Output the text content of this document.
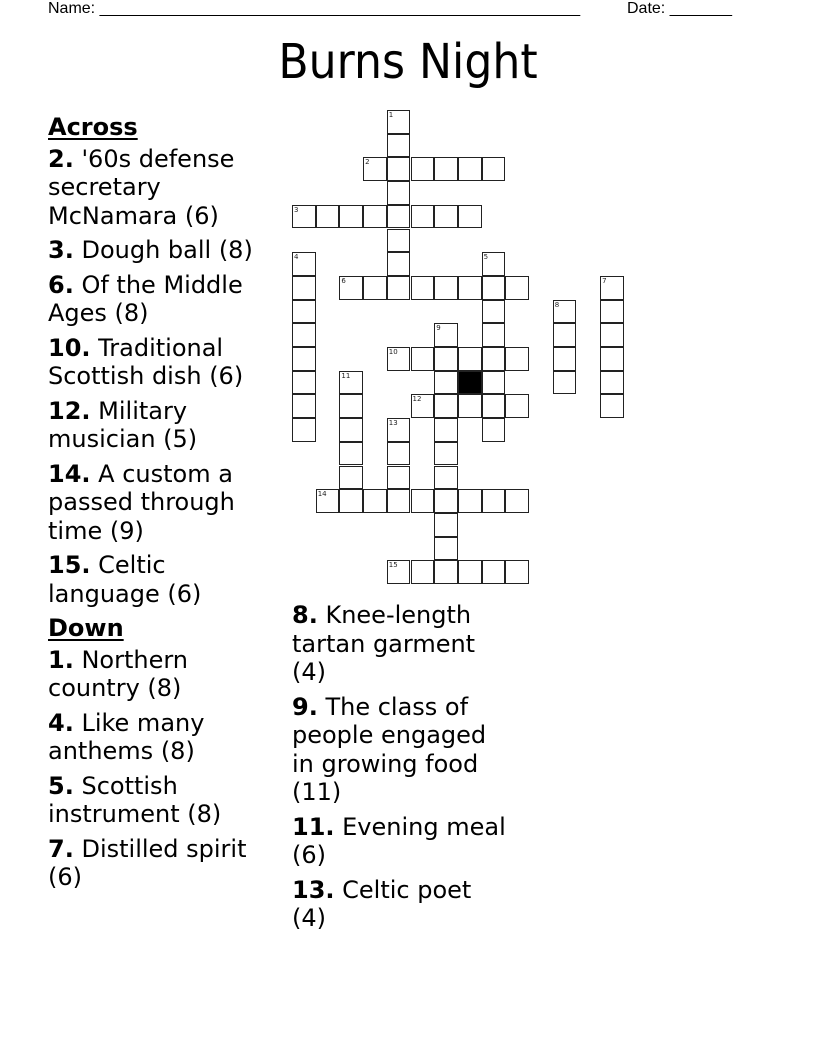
Name: ______________________________________________________	Date: _______
Burns Night
Across
2. '60s defense secretary McNamara (6)
3. Dough ball (8)
6. Of the Middle Ages (8)
10. Traditional Scottish dish (6)
12. Military musician (5)
14. A custom a passed through time (9)
15. Celtic language (6)
Down
1. Northern country (8)
4. Like many anthems (8)
5. Scottish instrument (8)
7. Distilled spirit (6)
8. Knee-length tartan garment (4)
9. The class of people engaged in growing food (11)
11. Evening meal (6)
13. Celtic poet (4)
1
2
3
4	5
6	7
8
9
10
11
12
13
14
15
